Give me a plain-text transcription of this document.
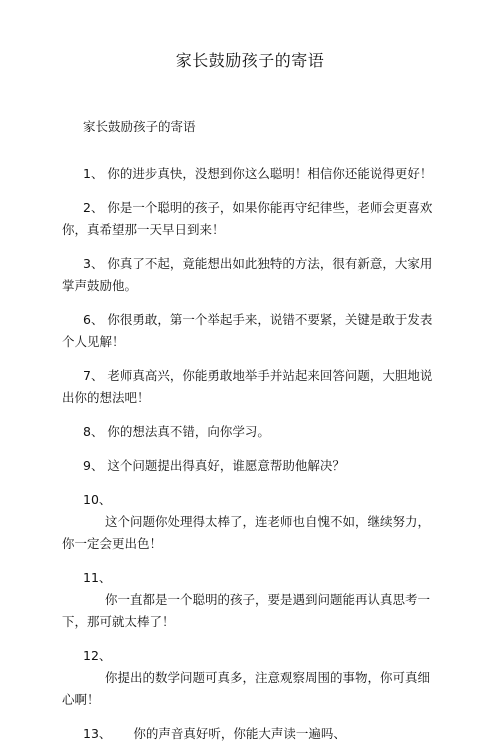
家长鼓励孩子的寄语
家长鼓励孩子的寄语

1、 你的进步真快，没想到你这么聪明！相信你还能说得更好！

2、 你是一个聪明的孩子，如果你能再守纪律些，老师会更喜欢你，真希望那一天早日到来！

3、 你真了不起，竟能想出如此独特的方法，很有新意，大家用掌声鼓励他。

6、 你很勇敢，第一个举起手来，说错不要紧，关键是敢于发表个人见解！

7、 老师真高兴，你能勇敢地举手并站起来回答问题，大胆地说出你的想法吧！

8、 你的想法真不错，向你学习。

9、 这个问题提出得真好，谁愿意帮助他解决？

10、
这个问题你处理得太棒了，连老师也自愧不如，继续努力，你一定会更出色！
11、
你一直都是一个聪明的孩子，要是遇到问题能再认真思考一下，那可就太棒了！
12、
你提出的数学问题可真多，注意观察周围的事物，你可真细心啊！

13、 你的声音真好听，你能大声读一遍吗、
